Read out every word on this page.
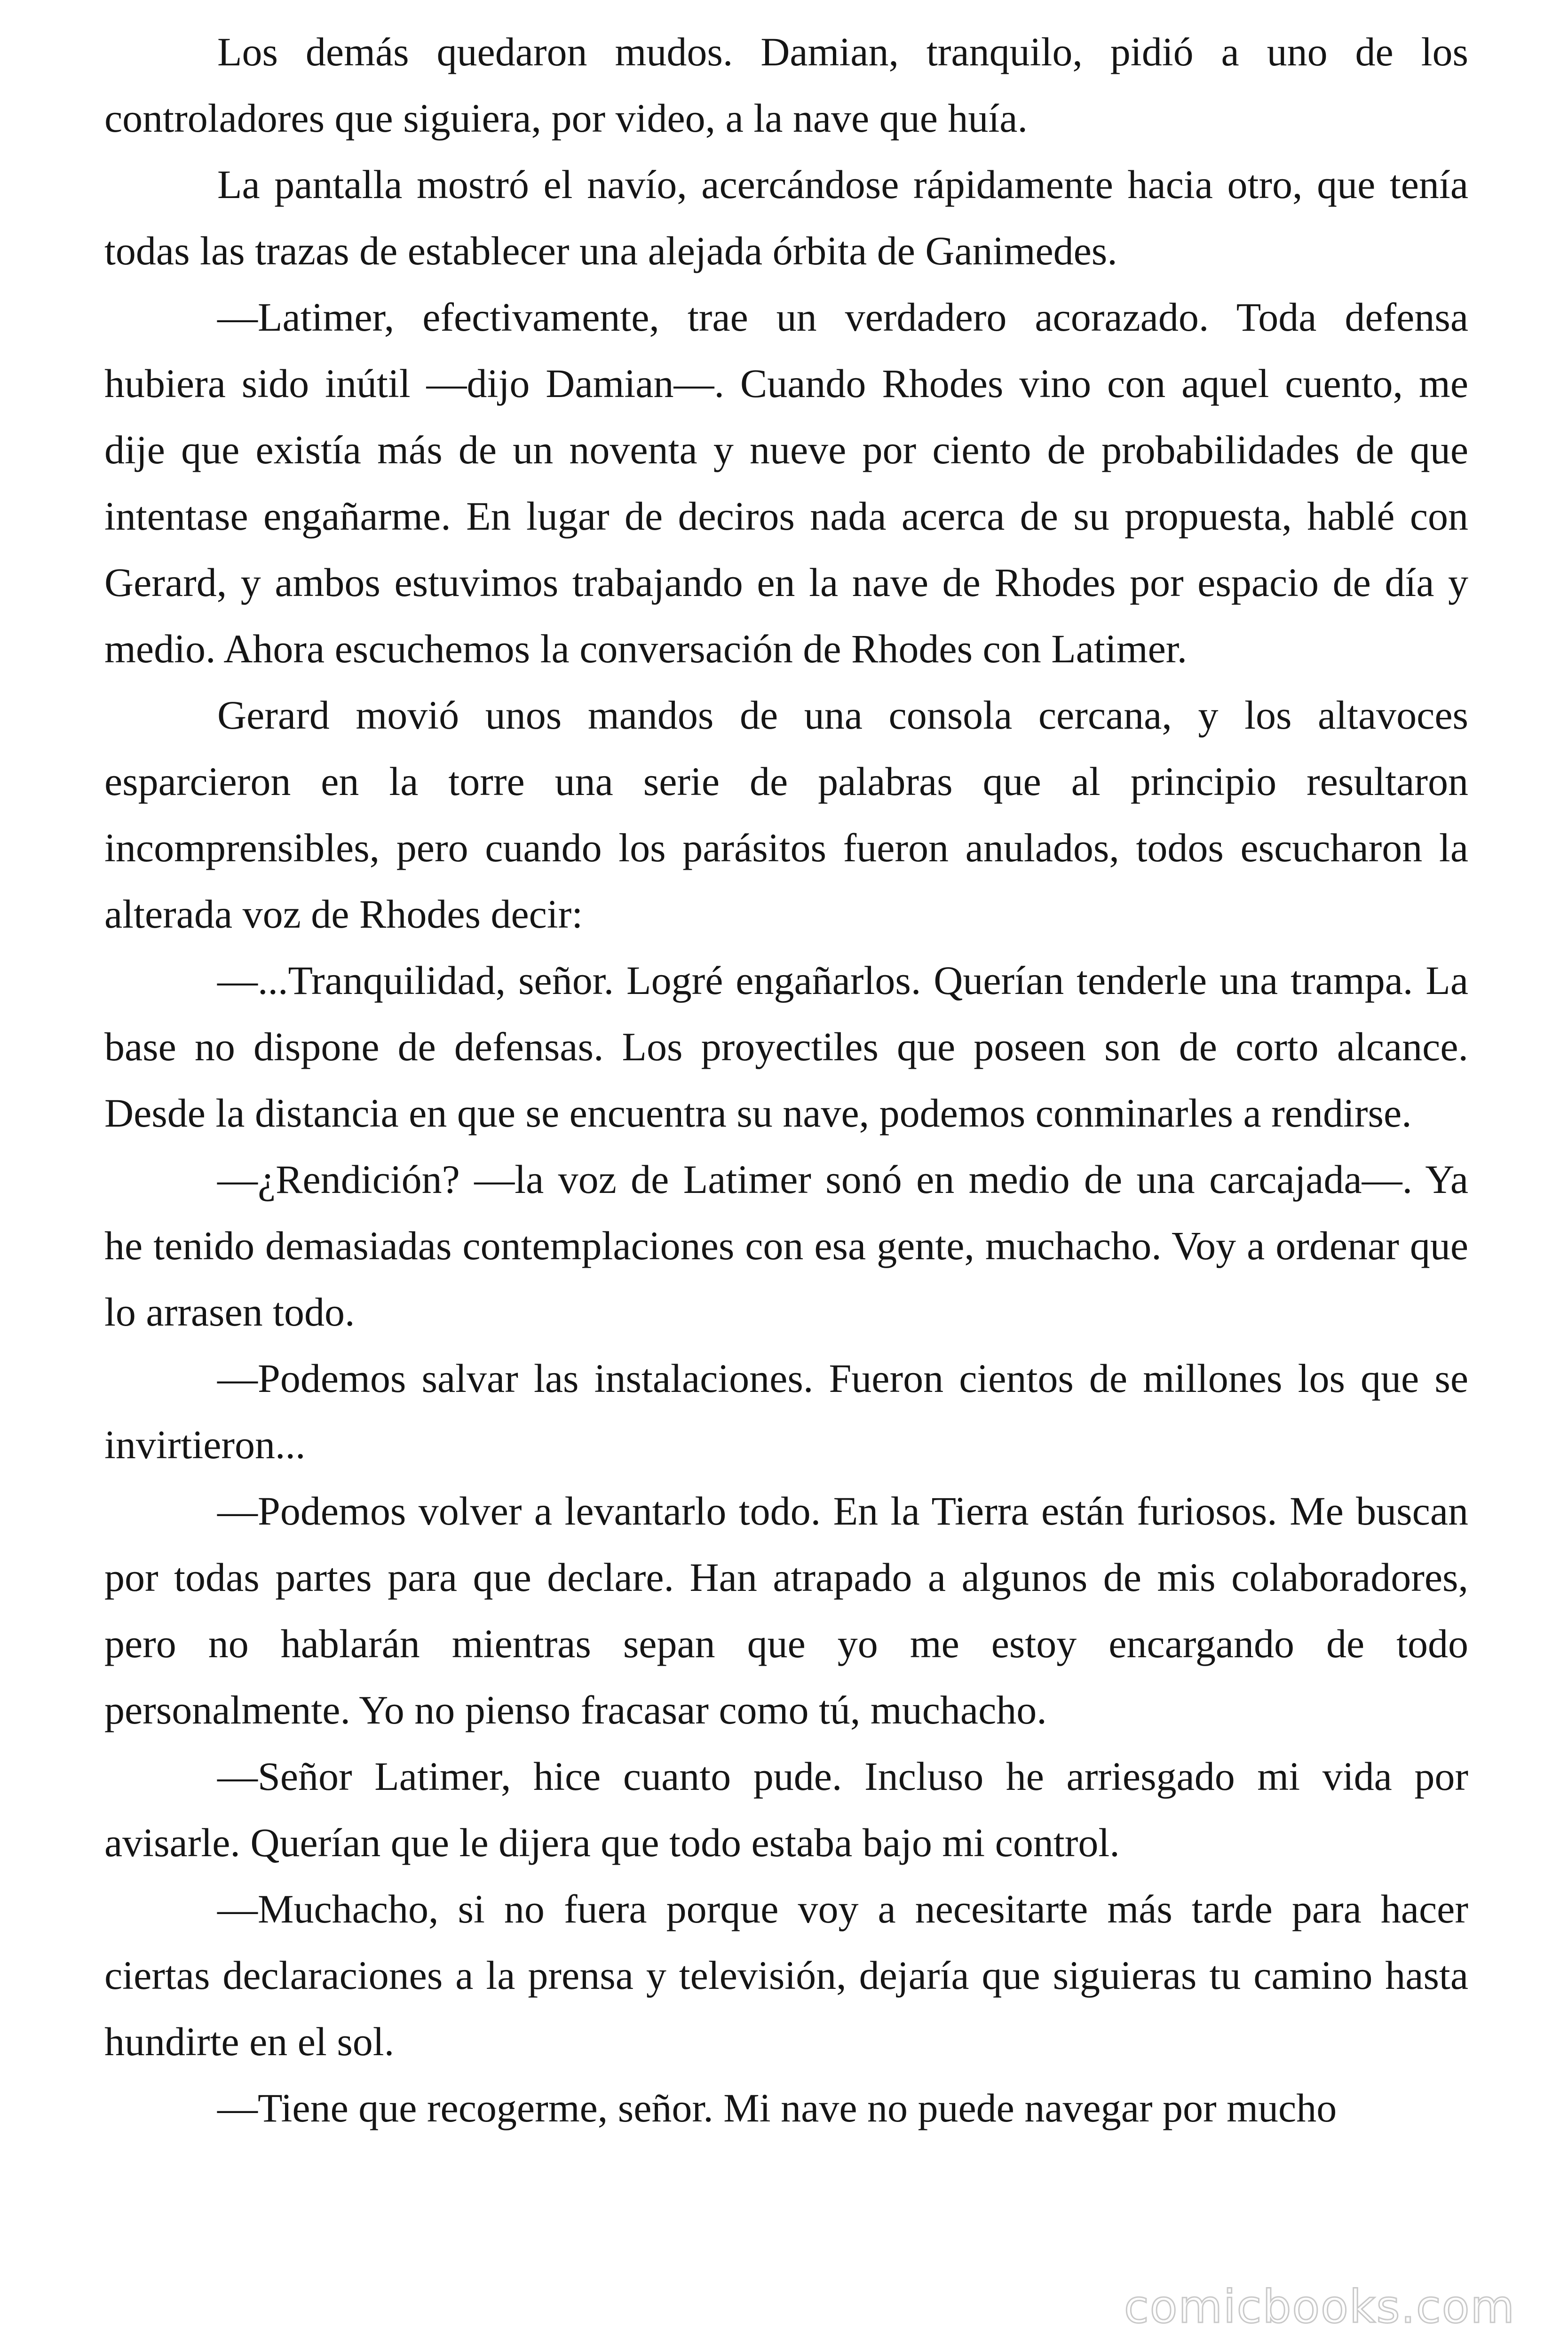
Los demás quedaron mudos. Damian, tranquilo, pidió a uno de los controladores que siguiera, por video, a la nave que huía.

La pantalla mostró el navío, acercándose rápidamente hacia otro, que tenía todas las trazas de establecer una alejada órbita de Ganimedes.

—Latimer, efectivamente, trae un verdadero acorazado. Toda defensa hubiera sido inútil —dijo Damian—. Cuando Rhodes vino con aquel cuento, me dije que existía más de un noventa y nueve por ciento de probabilidades de que intentase engañarme. En lugar de deciros nada acerca de su propuesta, hablé con Gerard, y ambos estuvimos trabajando en la nave de Rhodes por espacio de día y medio. Ahora escuchemos la conversación de Rhodes con Latimer.

Gerard movió unos mandos de una consola cercana, y los altavoces esparcieron en la torre una serie de palabras que al principio resultaron incomprensibles, pero cuando los parásitos fueron anulados, todos escucharon la alterada voz de Rhodes decir:

—...Tranquilidad, señor. Logré engañarlos. Querían tenderle una trampa. La base no dispone de defensas. Los proyectiles que poseen son de corto alcance. Desde la distancia en que se encuentra su nave, podemos conminarles a rendirse.

—¿Rendición? —la voz de Latimer sonó en medio de una carcajada—. Ya he tenido demasiadas contemplaciones con esa gente, muchacho. Voy a ordenar que lo arrasen todo.

—Podemos salvar las instalaciones. Fueron cientos de millones los que se invirtieron...

—Podemos volver a levantarlo todo. En la Tierra están furiosos. Me buscan por todas partes para que declare. Han atrapado a algunos de mis colaboradores, pero no hablarán mientras sepan que yo me estoy encargando de todo personalmente. Yo no pienso fracasar como tú, muchacho.

—Señor Latimer, hice cuanto pude. Incluso he arriesgado mi vida por avisarle. Querían que le dijera que todo estaba bajo mi control.

—Muchacho, si no fuera porque voy a necesitarte más tarde para hacer ciertas declaraciones a la prensa y televisión, dejaría que siguieras tu camino hasta hundirte en el sol.

—Tiene que recogerme, señor. Mi nave no puede navegar por mucho

comicbooks.com
